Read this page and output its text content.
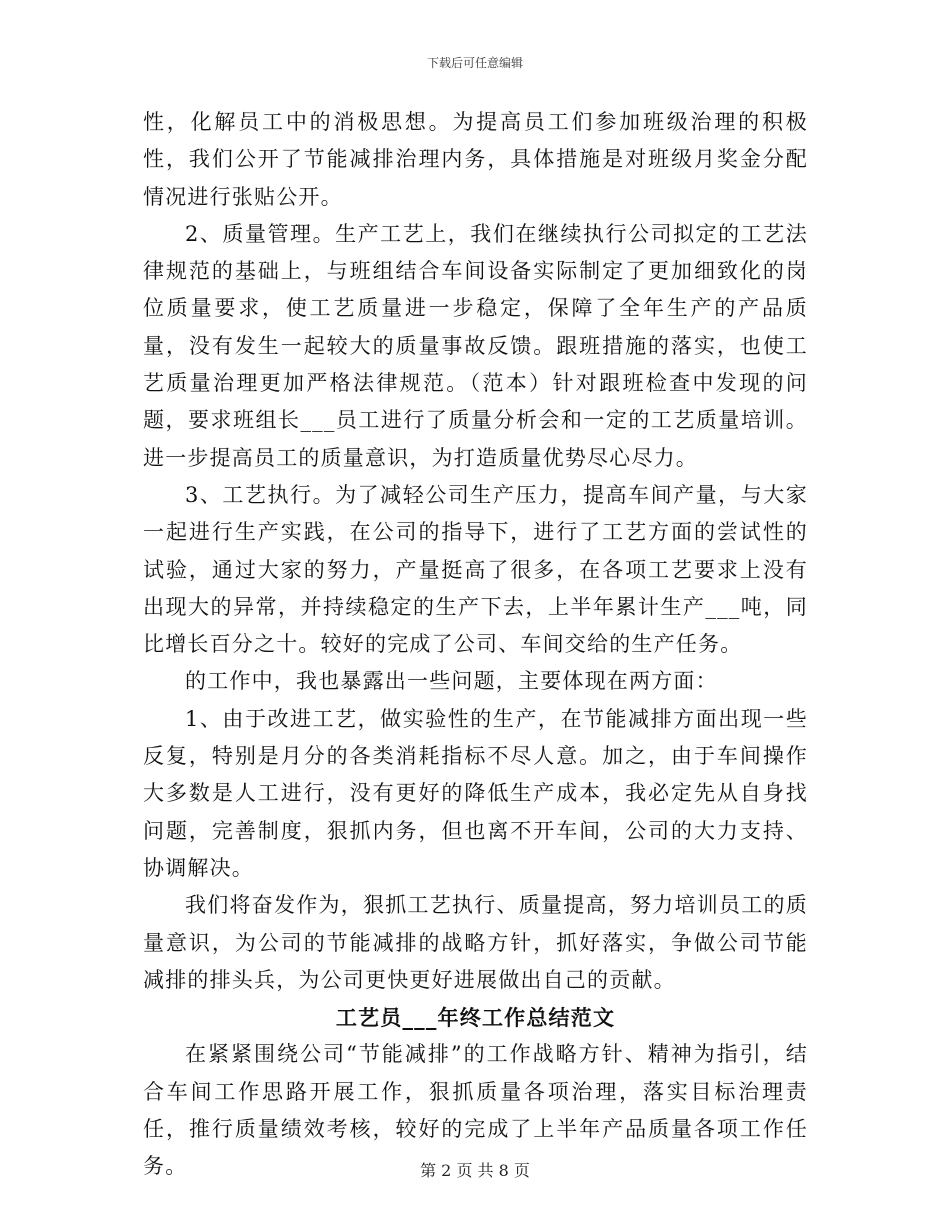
下载后可任意编辑

性，化解员工中的消极思想。为提高员工们参加班级治理的积极性，我们公开了节能减排治理内务，具体措施是对班级月奖金分配情况进行张贴公开。

2、质量管理。生产工艺上，我们在继续执行公司拟定的工艺法律规范的基础上，与班组结合车间设备实际制定了更加细致化的岗位质量要求，使工艺质量进一步稳定，保障了全年生产的产品质量，没有发生一起较大的质量事故反馈。跟班措施的落实，也使工艺质量治理更加严格法律规范。（范本）针对跟班检查中发现的问题，要求班组长___员工进行了质量分析会和一定的工艺质量培训。进一步提高员工的质量意识，为打造质量优势尽心尽力。

3、工艺执行。为了减轻公司生产压力，提高车间产量，与大家一起进行生产实践，在公司的指导下，进行了工艺方面的尝试性的试验，通过大家的努力，产量挺高了很多，在各项工艺要求上没有出现大的异常，并持续稳定的生产下去，上半年累计生产___吨，同比增长百分之十。较好的完成了公司、车间交给的生产任务。

的工作中，我也暴露出一些问题，主要体现在两方面：

1、由于改进工艺，做实验性的生产，在节能减排方面出现一些反复，特别是月分的各类消耗指标不尽人意。加之，由于车间操作大多数是人工进行，没有更好的降低生产成本，我必定先从自身找问题，完善制度，狠抓内务，但也离不开车间，公司的大力支持、协调解决。

我们将奋发作为，狠抓工艺执行、质量提高，努力培训员工的质量意识，为公司的节能减排的战略方针，抓好落实，争做公司节能减排的排头兵，为公司更快更好进展做出自己的贡献。

工艺员___年终工作总结范文

在紧紧围绕公司“节能减排”的工作战略方针、精神为指引，结合车间工作思路开展工作，狠抓质量各项治理，落实目标治理责任，推行质量绩效考核，较好的完成了上半年产品质量各项工作任务。	第 2 页 共 8 页
